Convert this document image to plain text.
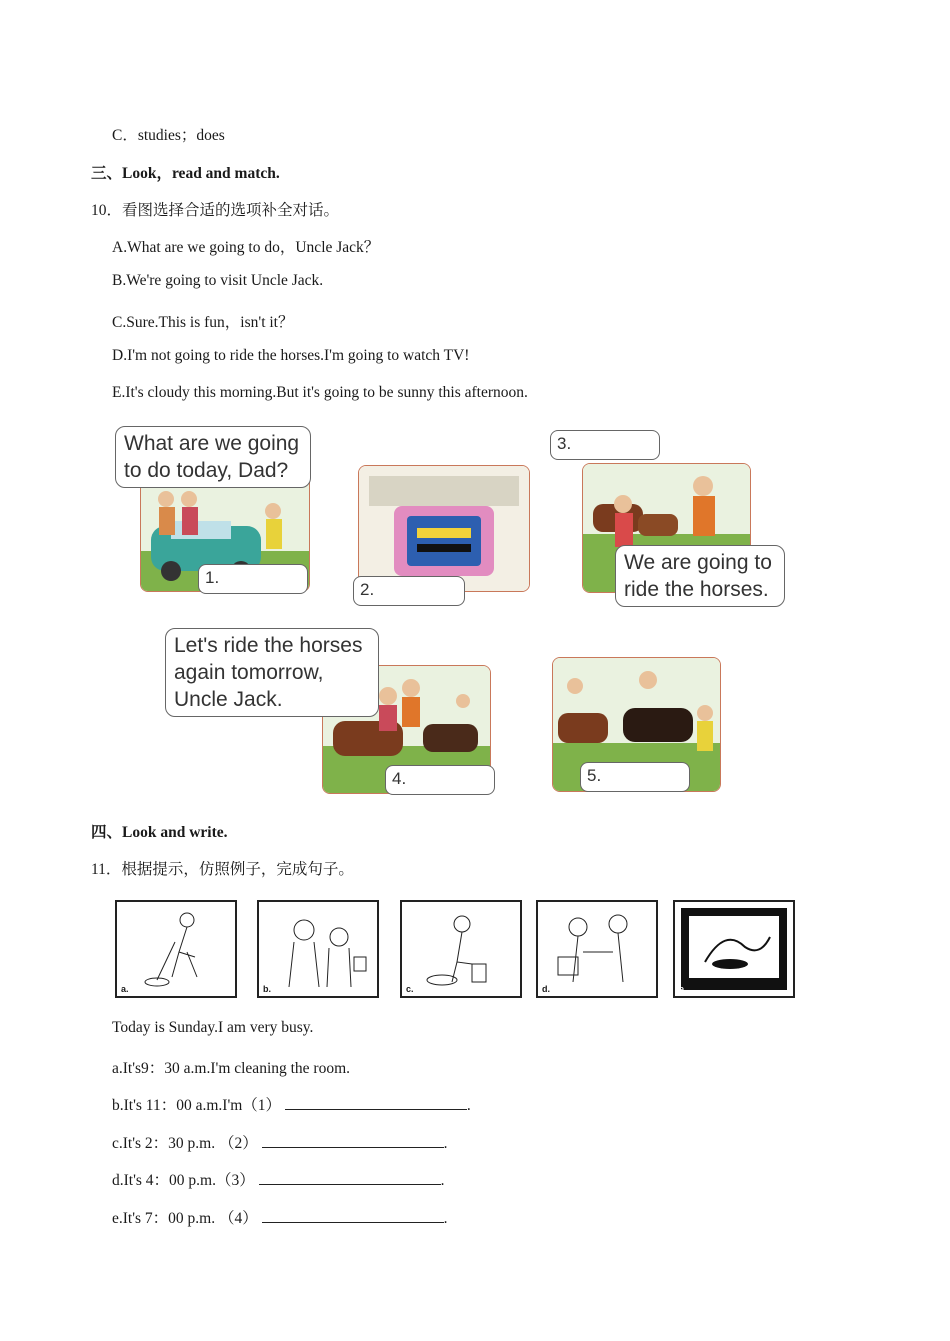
C．studies；does
三、Look，read and match.
10．看图选择合适的选项补全对话。
A.What are we going to do，Uncle Jack？
B.We're going to visit Uncle Jack.
C.Sure.This is fun，isn't it？
D.I'm not going to ride the horses.I'm going to watch TV!
E.It's cloudy this morning.But it's going to be sunny this afternoon.
What are we going
to do today, Dad?
1.
2.
3.
We are going to
ride the horses.
Let's ride the horses
again tomorrow,
Uncle Jack.
4.	5.
四、Look and write.
11．根据提示，仿照例子，完成句子。
a.	b.	c.	d.	e.
Today is Sunday.I am very busy.
a.It's9：30 a.m.I'm cleaning the room.
b.It's 11：00 a.m.I'm（1）	.
c.It's 2：30 p.m. （2）	.
d.It's 4：00 p.m.（3）	.
e.It's 7：00 p.m. （4）	.
